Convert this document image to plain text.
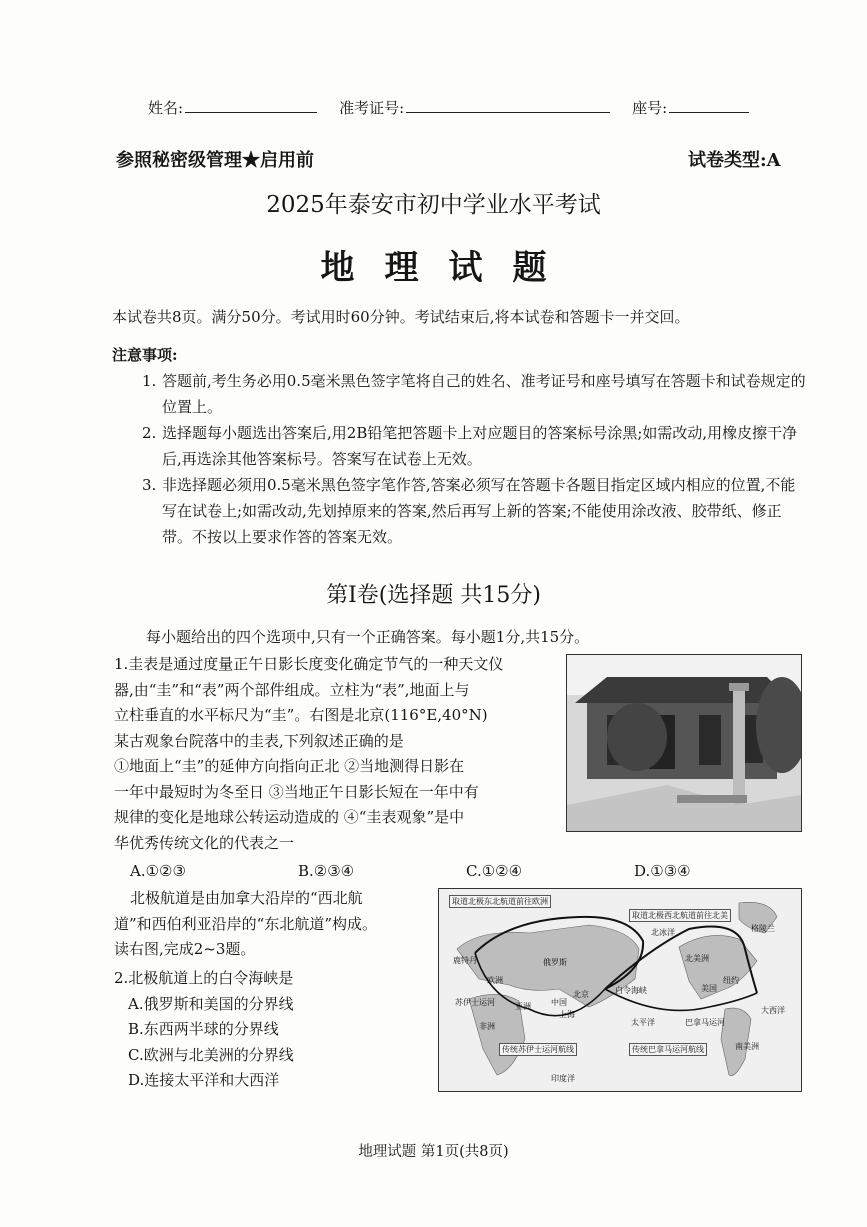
姓名:	准考证号:	座号:
参照秘密级管理★启用前	试卷类型:A
2025年泰安市初中学业水平考试
地理试题
本试卷共8页。满分50分。考试用时60分钟。考试结束后,将本试卷和答题卡一并交回。
注意事项:
1. 答题前,考生务必用0.5毫米黑色签字笔将自己的姓名、准考证号和座号填写在答题卡和试卷规定的位置上。
2. 选择题每小题选出答案后,用2B铅笔把答题卡上对应题目的答案标号涂黑;如需改动,用橡皮擦干净后,再选涂其他答案标号。答案写在试卷上无效。
3. 非选择题必须用0.5毫米黑色签字笔作答,答案必须写在答题卡各题目指定区域内相应的位置,不能写在试卷上;如需改动,先划掉原来的答案,然后再写上新的答案;不能使用涂改液、胶带纸、修正带。不按以上要求作答的答案无效。
第Ⅰ卷(选择题 共15分)
每小题给出的四个选项中,只有一个正确答案。每小题1分,共15分。
1.圭表是通过度量正午日影长度变化确定节气的一种天文仪
器,由“圭”和“表”两个部件组成。立柱为“表”,地面上与
立柱垂直的水平标尺为“圭”。右图是北京(116°E,40°N)
某古观象台院落中的圭表,下列叙述正确的是
①地面上“圭”的延伸方向指向正北 ②当地测得日影在
一年中最短时为冬至日 ③当地正午日影长短在一年中有
规律的变化是地球公转运动造成的 ④“圭表观象”是中
华优秀传统文化的代表之一
A.①②③	B.②③④	C.①②④	D.①③④
北极航道是由加拿大沿岸的“西北航
道”和西伯利亚沿岸的“东北航道”构成。
读右图,完成2~3题。
2.北极航道上的白令海峡是
A.俄罗斯和美国的分界线
B.东西两半球的分界线
C.欧洲与北美洲的分界线
D.连接太平洋和大西洋
取道北极东北航道前往欧洲
取道北极西北航道前往北美
北冰洋	格陵兰
俄罗斯
鹿特丹
欧洲
亚洲	中国
北京
上海
白令海峡
北美洲
美国
纽约
太平洋
大西洋
苏伊士运河
非洲
传统苏伊士运河航线
巴拿马运河
传统巴拿马运河航线	南美洲
印度洋
地理试题 第1页(共8页)
